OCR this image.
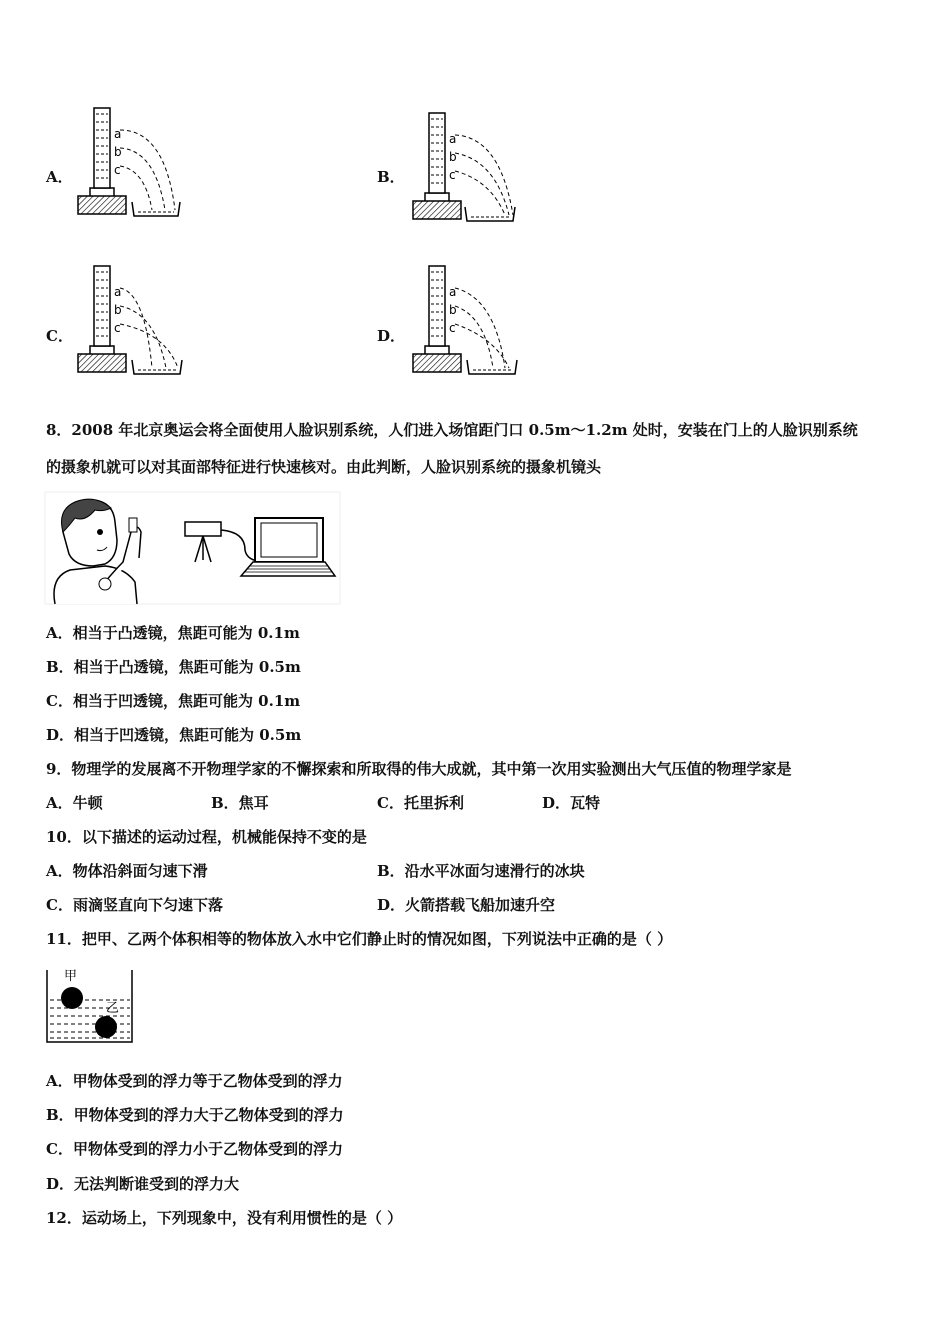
A．
a
b
c	B．
a
b
c
C．
a
b
c	D．
a
b
c
8．2008 年北京奥运会将全面使用人脸识别系统，人们进入场馆距门口 0.5m～1.2m 处时，安装在门上的人脸识别系统
的摄象机就可以对其面部特征进行快速核对。由此判断，人脸识别系统的摄象机镜头
A．相当于凸透镜，焦距可能为 0.1m
B．相当于凸透镜，焦距可能为 0.5m
C．相当于凹透镜，焦距可能为 0.1m
D．相当于凹透镜，焦距可能为 0.5m
9．物理学的发展离不开物理学家的不懈探索和所取得的伟大成就，其中第一次用实验测出大气压值的物理学家是
A．牛顿	B．焦耳	C．托里拆利	D．瓦特
10．以下描述的运动过程，机械能保持不变的是
A．物体沿斜面匀速下滑	B．沿水平冰面匀速滑行的冰块
C．雨滴竖直向下匀速下落	D．火箭搭载飞船加速升空
11．把甲、乙两个体积相等的物体放入水中它们静止时的情况如图，下列说法中正确的是（ ）
甲
乙
A．甲物体受到的浮力等于乙物体受到的浮力
B．甲物体受到的浮力大于乙物体受到的浮力
C．甲物体受到的浮力小于乙物体受到的浮力
D．无法判断谁受到的浮力大
12．运动场上，下列现象中，没有利用惯性的是（ ）
